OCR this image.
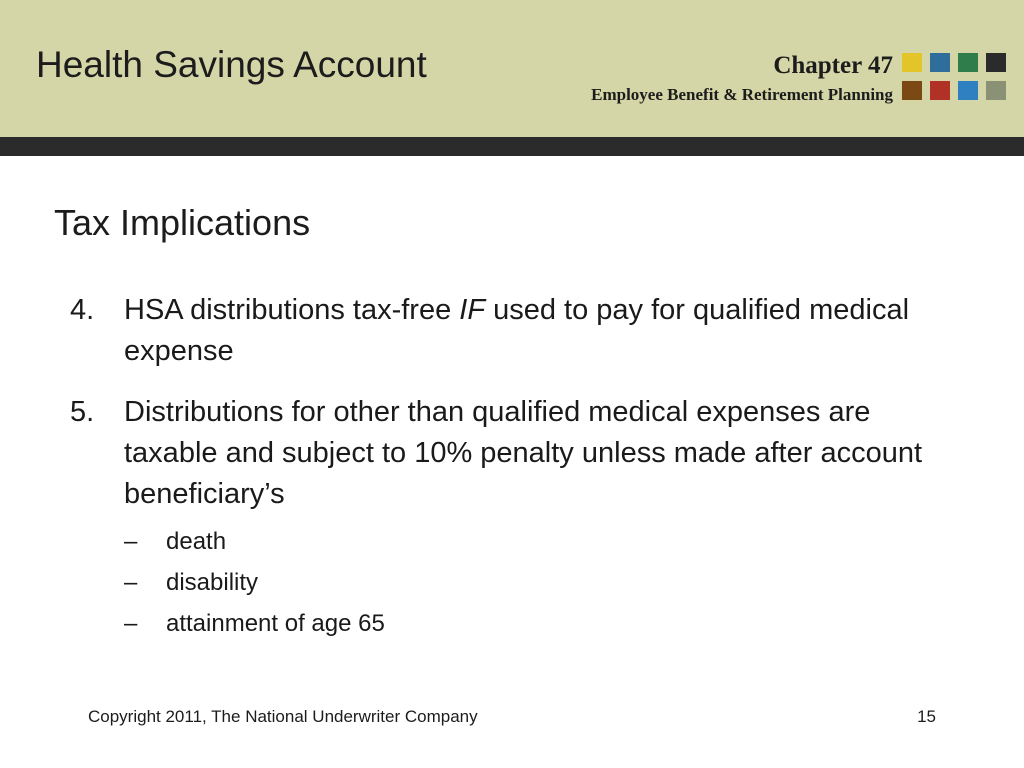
Health Savings Account	Chapter 47
Employee Benefit & Retirement Planning
Tax Implications
4. HSA distributions tax-free IF used to pay for qualified medical expense
5. Distributions for other than qualified medical expenses are taxable and subject to 10% penalty unless made after account beneficiary’s
– death
– disability
– attainment of age 65
Copyright 2011, The National Underwriter Company	15
